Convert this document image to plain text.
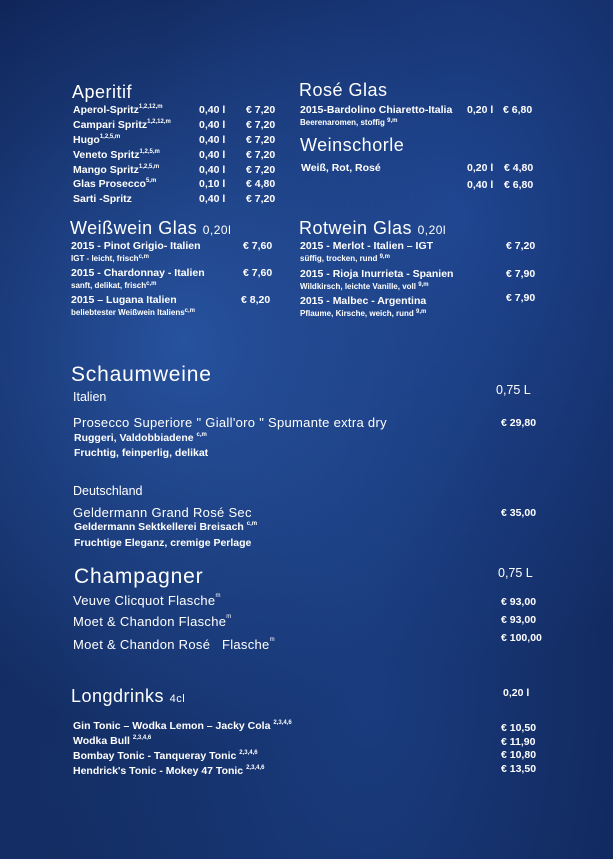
Aperitif
Aperol-Spritz$^{1,2,12,m}$	0,40 l € 7,20
Campari Spritz$^{1,2,12,m}$	0,40 l € 7,20
Hugo$^{1,2,5,m}$	0,40 l € 7,20
Veneto Spritz$^{1,2,5,m}$	0,40 l € 7,20
Mango Spritz$^{1,2,5,m}$	0,40 l € 7,20
Glas Prosecco$^{5,m}$	0,10 l € 4,80
Sarti -Spritz	0,40 l € 7,20
Rosé Glas
2015-Bardolino Chiaretto-Italia 0,20 l € 6,80
Beerenaromen, stoffig $^{9,m}$
Weinschorle
Weiß, Rot, Rosé	0,20 l € 4,80
0,40 l € 6,80
Weißwein Glas 0,20l
2015 - Pinot Grigio- Italien	€ 7,60
IGT - leicht, frisch$^{c,m}$
2015 - Chardonnay - Italien	€ 7,60
sanft, delikat, frisch$^{c,m}$
2015 – Lugana Italien	€ 8,20
beliebtester Weißwein Italiens$^{c,m}$
Rotwein Glas 0,20l
2015 - Merlot - Italien – IGT	€ 7,20
süffig, trocken, rund $^{9,m}$
2015 - Rioja Inurrieta - Spanien	€ 7,90
Wildkirsch, leichte Vanille, voll $^{9,m}$
2015 - Malbec - Argentina	€ 7,90
Pflaume, Kirsche, weich, rund $^{9,m}$
Schaumweine
0,75 L
Italien
Prosecco Superiore " Giall'oro " Spumante extra dry	€ 29,80
Ruggeri, Valdobbiadene $^{c,m}$
Fruchtig, feinperlig, delikat
Deutschland
Geldermann Grand Rosé Sec	€ 35,00
Geldermann Sektkellerei Breisach $^{c,m}$
Fruchtige Eleganz, cremige Perlage
Champagner	0,75 L
Veuve Clicquot Flasche$^m$	€ 93,00
Moet & Chandon Flasche$^m$	€ 93,00
Moet & Chandon Rosé   Flasche$^m$	€ 100,00
Longdrinks 4cl	0,20 l
Gin Tonic – Wodka Lemon – Jacky Cola $^{2,3,4,6}$	€ 10,50
Wodka Bull $^{2,3,4,6}$	€ 11,90
Bombay Tonic - Tanqueray Tonic $^{2,3,4,6}$	€ 10,80
Hendrick's Tonic - Mokey 47 Tonic $^{2,3,4,6}$	€ 13,50
